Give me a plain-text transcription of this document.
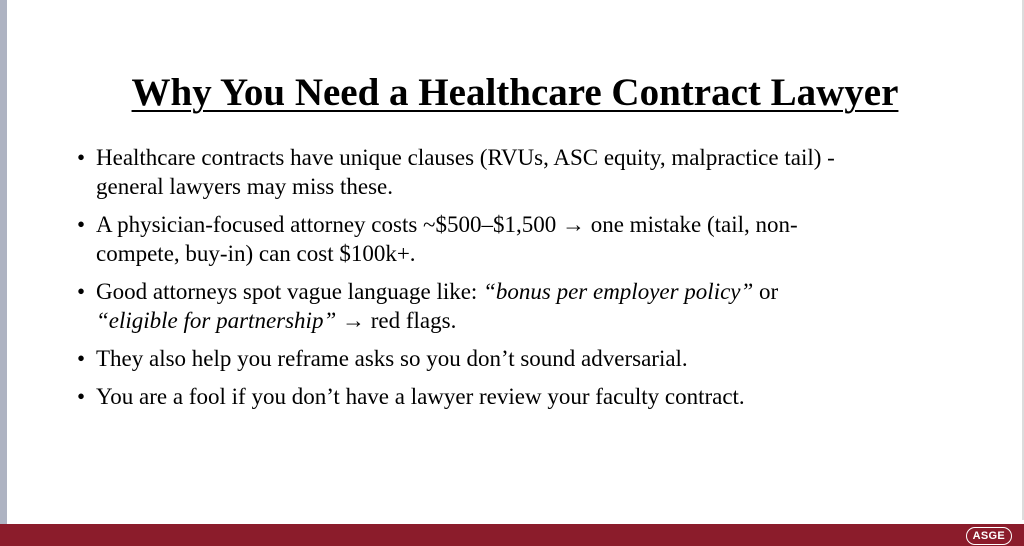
Why You Need a Healthcare Contract Lawyer
• Healthcare contracts have unique clauses (RVUs, ASC equity, malpractice tail) -
general lawyers may miss these.
• A physician-focused attorney costs ~$500–$1,500 → one mistake (tail, non-
compete, buy-in) can cost $100k+.
• Good attorneys spot vague language like: “bonus per employer policy” or
“eligible for partnership” → red flags.
• They also help you reframe asks so you don’t sound adversarial.
• You are a fool if you don’t have a lawyer review your faculty contract.
ASGE
